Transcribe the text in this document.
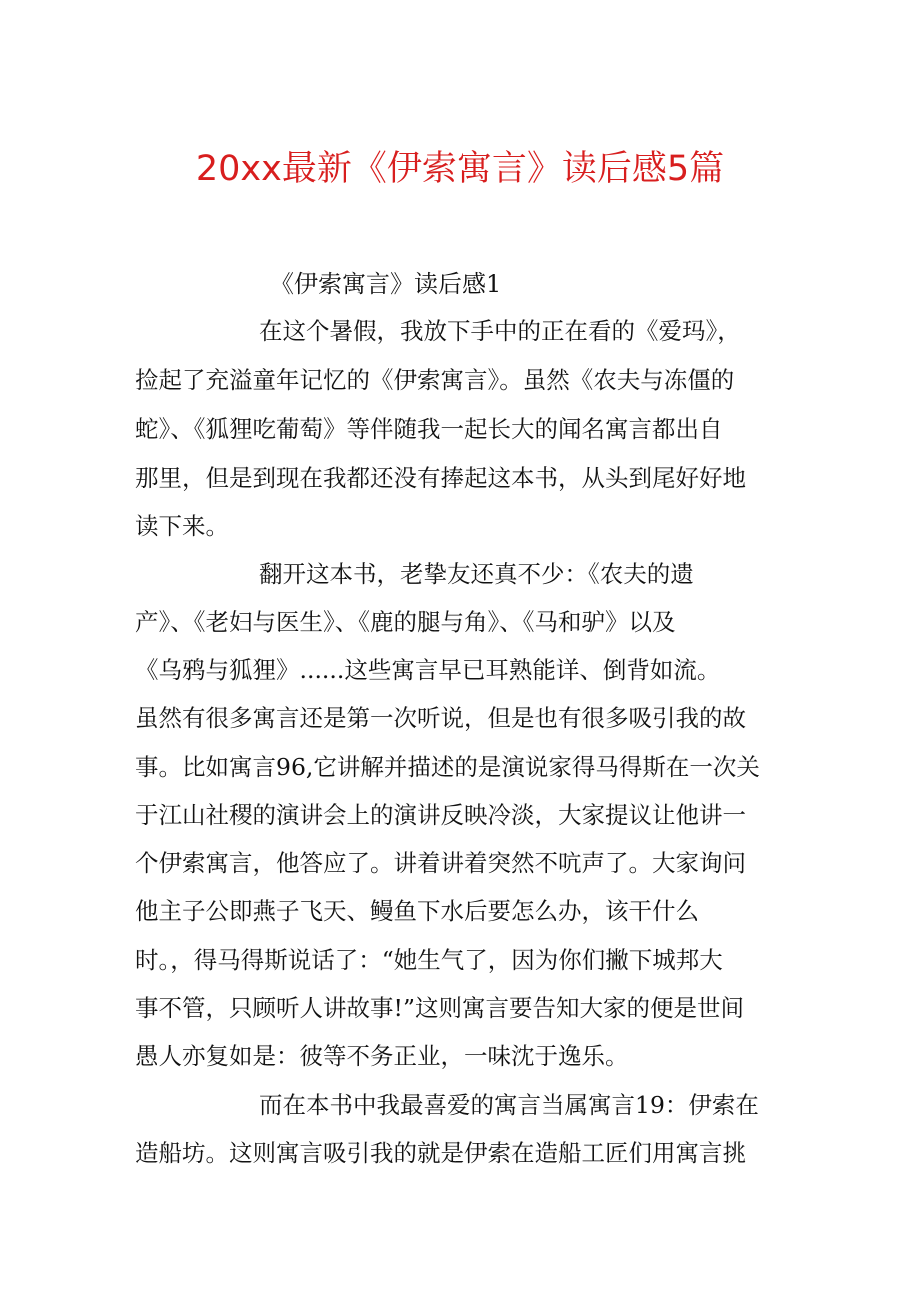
20xx最新《伊索寓言》读后感5篇
《伊索寓言》读后感1
在这个暑假，我放下手中的正在看的《爱玛》，
捡起了充溢童年记忆的《伊索寓言》。虽然《农夫与冻僵的
蛇》、《狐狸吃葡萄》等伴随我一起长大的闻名寓言都出自
那里，但是到现在我都还没有捧起这本书，从头到尾好好地
读下来。
翻开这本书，老挚友还真不少：《农夫的遗
产》、《老妇与医生》、《鹿的腿与角》、《马和驴》以及
《乌鸦与狐狸》......这些寓言早已耳熟能详、倒背如流。
虽然有很多寓言还是第一次听说，但是也有很多吸引我的故
事。比如寓言96,它讲解并描述的是演说家得马得斯在一次关
于江山社稷的演讲会上的演讲反映冷淡，大家提议让他讲一
个伊索寓言，他答应了。讲着讲着突然不吭声了。大家询问
他主子公即燕子飞天、鳗鱼下水后要怎么办，该干什么
时。，得马得斯说话了：“她生气了，因为你们撇下城邦大
事不管，只顾听人讲故事!”这则寓言要告知大家的便是世间
愚人亦复如是：彼等不务正业，一味沈于逸乐。
而在本书中我最喜爱的寓言当属寓言19：伊索在
造船坊。这则寓言吸引我的就是伊索在造船工匠们用寓言挑
